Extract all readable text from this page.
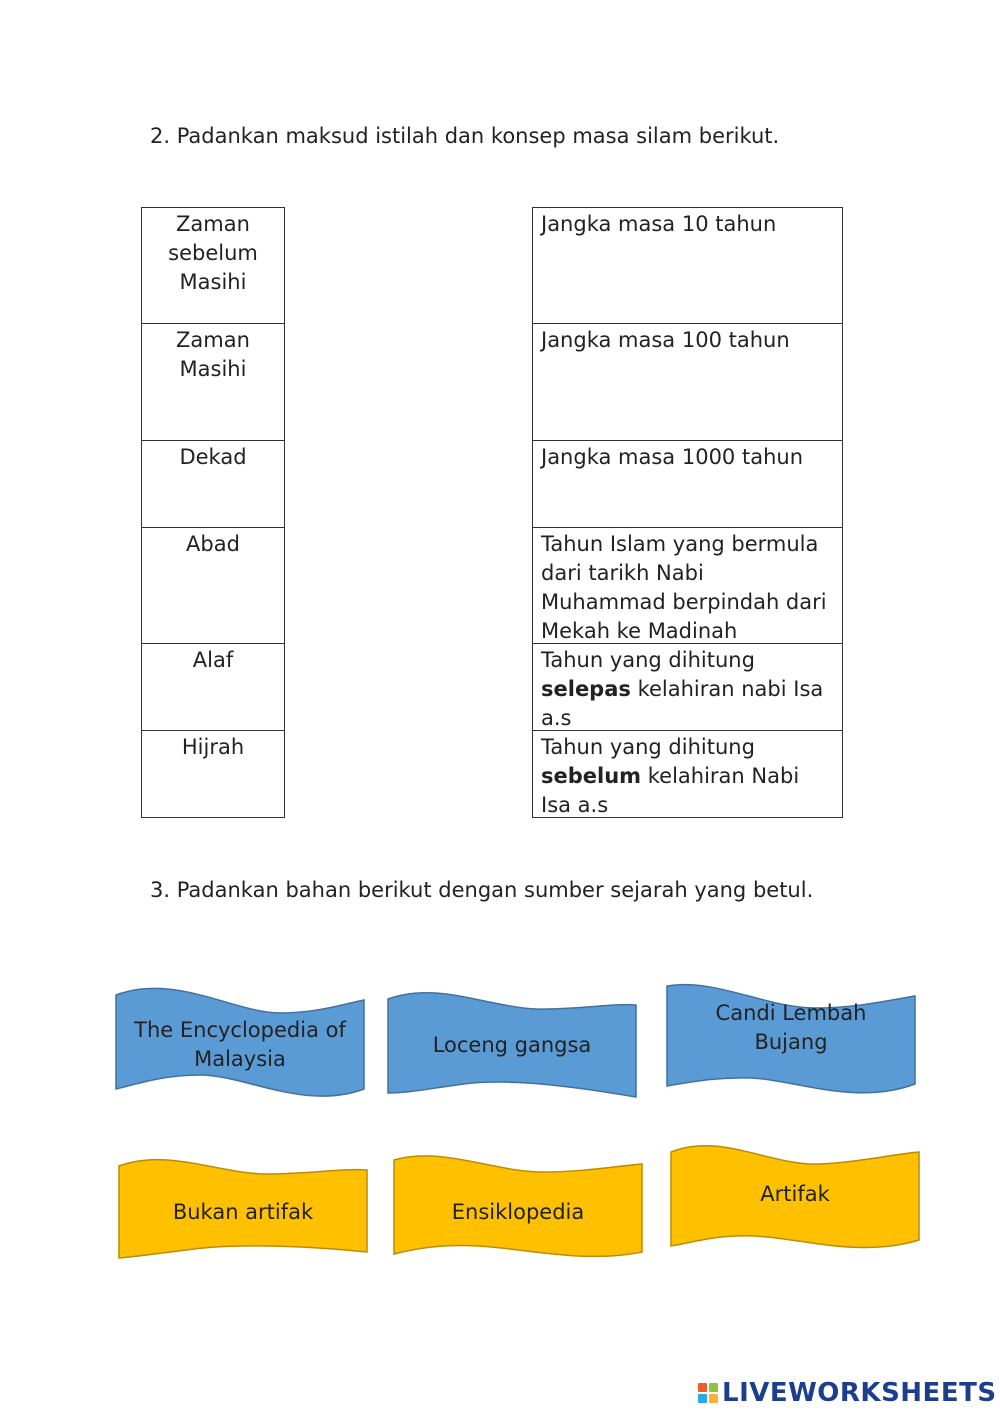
2. Padankan maksud istilah dan konsep masa silam berikut.
Zaman sebelum Masihi
Zaman Masihi
Dekad
Abad
Alaf
Hijrah
Jangka masa 10 tahun
Jangka masa 100 tahun
Jangka masa 1000 tahun
Tahun Islam yang bermula dari tarikh Nabi Muhammad berpindah dari Mekah ke Madinah
Tahun yang dihitung selepas kelahiran nabi Isa a.s
Tahun yang dihitung sebelum kelahiran Nabi Isa a.s
3. Padankan bahan berikut dengan sumber sejarah yang betul.
The Encyclopedia of Malaysia
Loceng gangsa
Candi Lembah Bujang
Bukan artifak	Ensiklopedia
Artifak
LIVEWORKSHEETS
